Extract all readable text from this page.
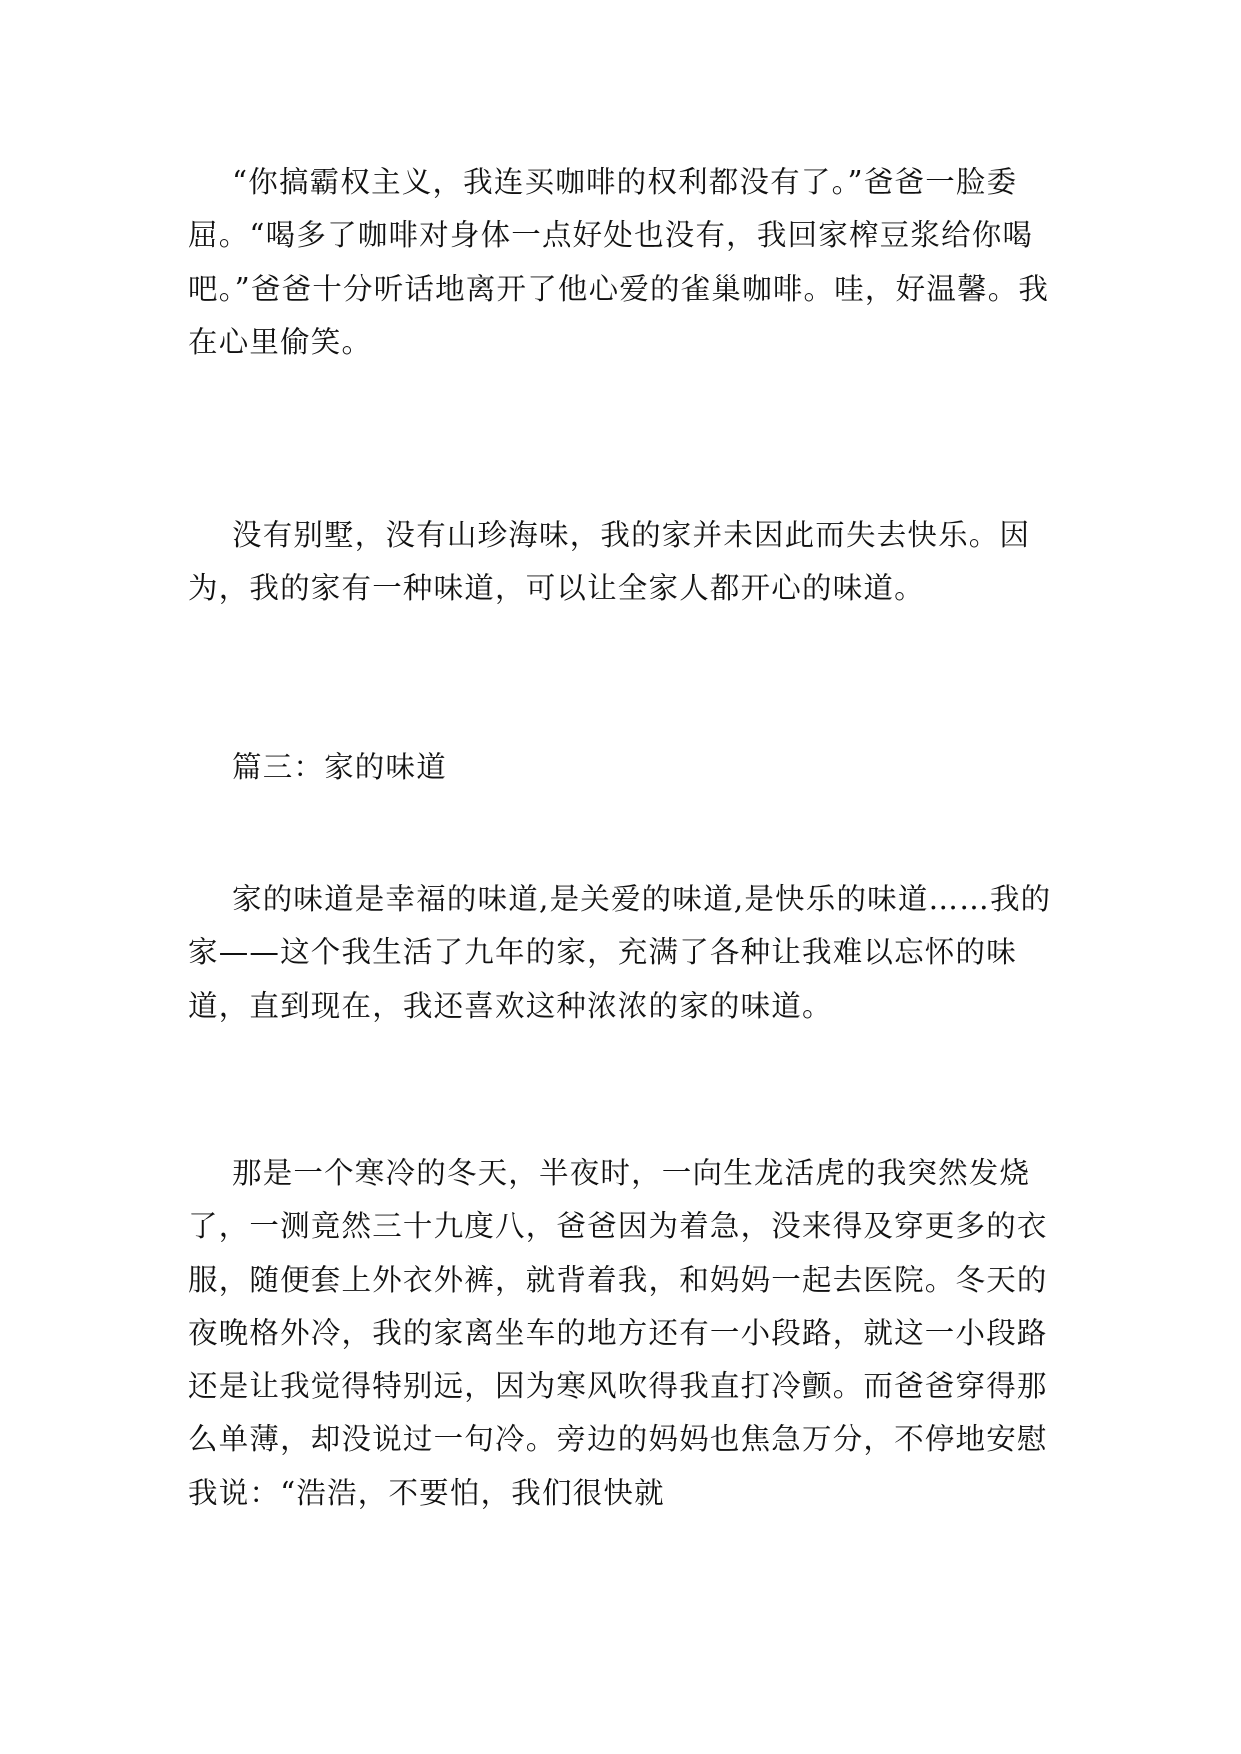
“你搞霸权主义，我连买咖啡的权利都没有了。”爸爸一脸委屈。“喝多了咖啡对身体一点好处也没有，我回家榨豆浆给你喝吧。”爸爸十分听话地离开了他心爱的雀巢咖啡。哇，好温馨。我在心里偷笑。

没有别墅，没有山珍海味，我的家并未因此而失去快乐。因为，我的家有一种味道，可以让全家人都开心的味道。

篇三：家的味道

家的味道是幸福的味道,是关爱的味道,是快乐的味道……我的家——这个我生活了九年的家，充满了各种让我难以忘怀的味道，直到现在，我还喜欢这种浓浓的家的味道。

那是一个寒冷的冬天，半夜时，一向生龙活虎的我突然发烧了，一测竟然三十九度八，爸爸因为着急，没来得及穿更多的衣服，随便套上外衣外裤，就背着我，和妈妈一起去医院。冬天的夜晚格外冷，我的家离坐车的地方还有一小段路，就这一小段路还是让我觉得特别远，因为寒风吹得我直打冷颤。而爸爸穿得那么单薄，却没说过一句冷。旁边的妈妈也焦急万分，不停地安慰我说：“浩浩，不要怕，我们很快就
